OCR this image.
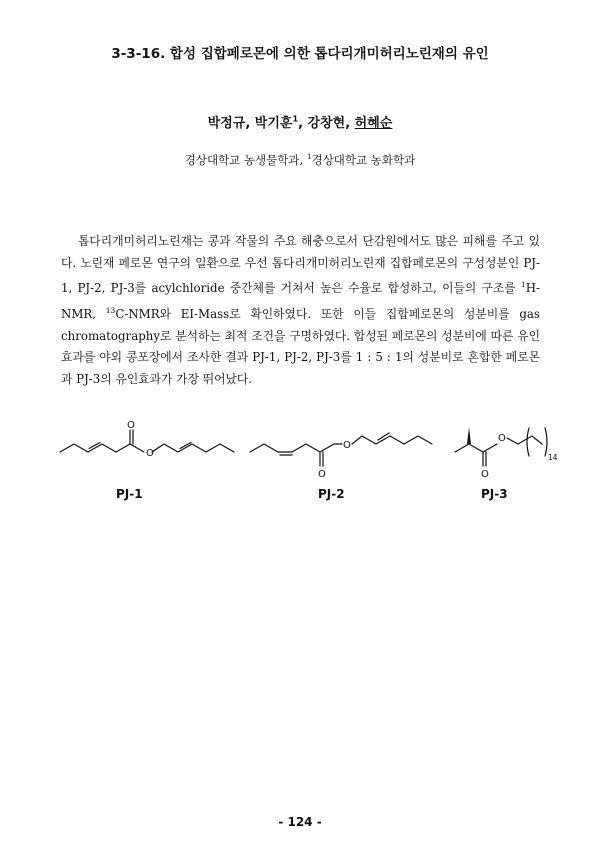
3-3-16. 합성 집합페로몬에 의한 톱다리개미허리노린재의 유인
박정규, 박기훈$^1$, 강창현, 허혜순
경상대학교 농생물학과, $^1$경상대학교 농화학과

톱다리개미허리노린재는 콩과 작물의 주요 해충으로서 단감원에서도 많은 피해를 주고 있다. 노린재 페로몬 연구의 일환으로 우선 톱다리개미허리노린재 집합페로몬의 구성성분인 PJ-1, PJ-2, PJ-3를 acylchloride 중간체를 거쳐서 높은 수율로 합성하고, 이들의 구조를 $^1$H-NMR, $^{13}$C-NMR와 EI-Mass로 확인하였다. 또한 이들 집합페로몬의 성분비를 gas chromatography로 분석하는 최적 조건을 구명하였다. 합성된 페로몬의 성분비에 따른 유인효과를 야외 콩포장에서 조사한 결과 PJ-1, PJ-2, PJ-3를 1 : 5 : 1의 성분비로 혼합한 페로몬과 PJ-3의 유인효과가 가장 뛰어났다.

O
O
O
O
O
O
14
PJ-1	PJ-2	PJ-3
- 124 -
